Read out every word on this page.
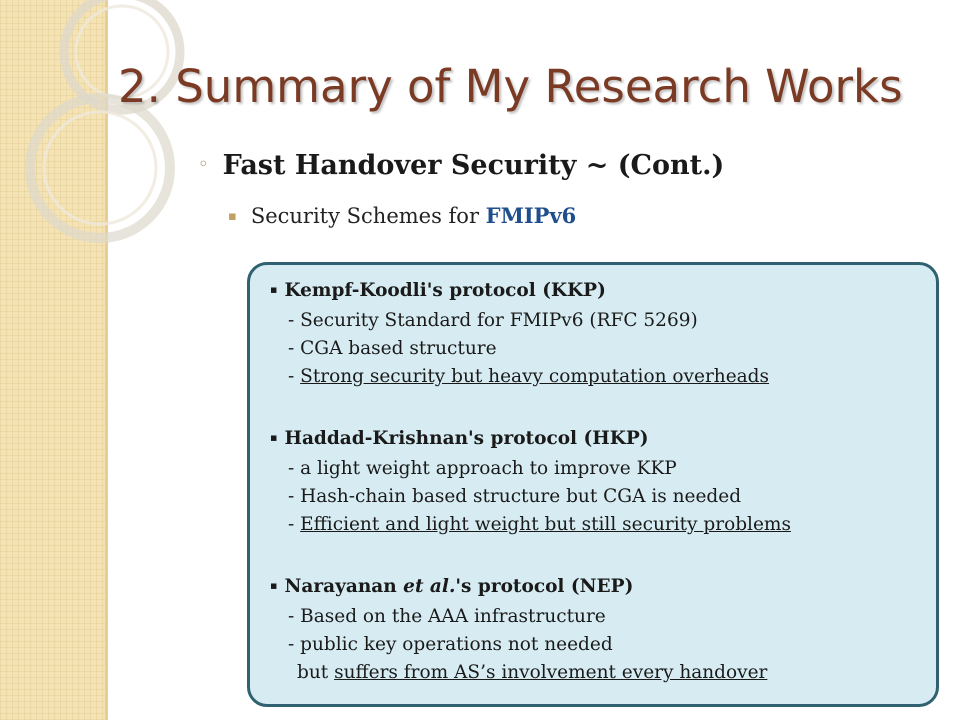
2. Summary of My Research Works
◦ Fast Handover Security ~ (Cont.)
▪ Security Schemes for FMIPv6
▪ Kempf-Koodli's protocol (KKP)
- Security Standard for FMIPv6 (RFC 5269)
- CGA based structure
- Strong security but heavy computation overheads
▪ Haddad-Krishnan's protocol (HKP)
- a light weight approach to improve KKP
- Hash-chain based structure but CGA is needed
- Efficient and light weight but still security problems
▪ Narayanan et al.'s protocol (NEP)
- Based on the AAA infrastructure
- public key operations not needed
but suffers from AS’s involvement every handover
